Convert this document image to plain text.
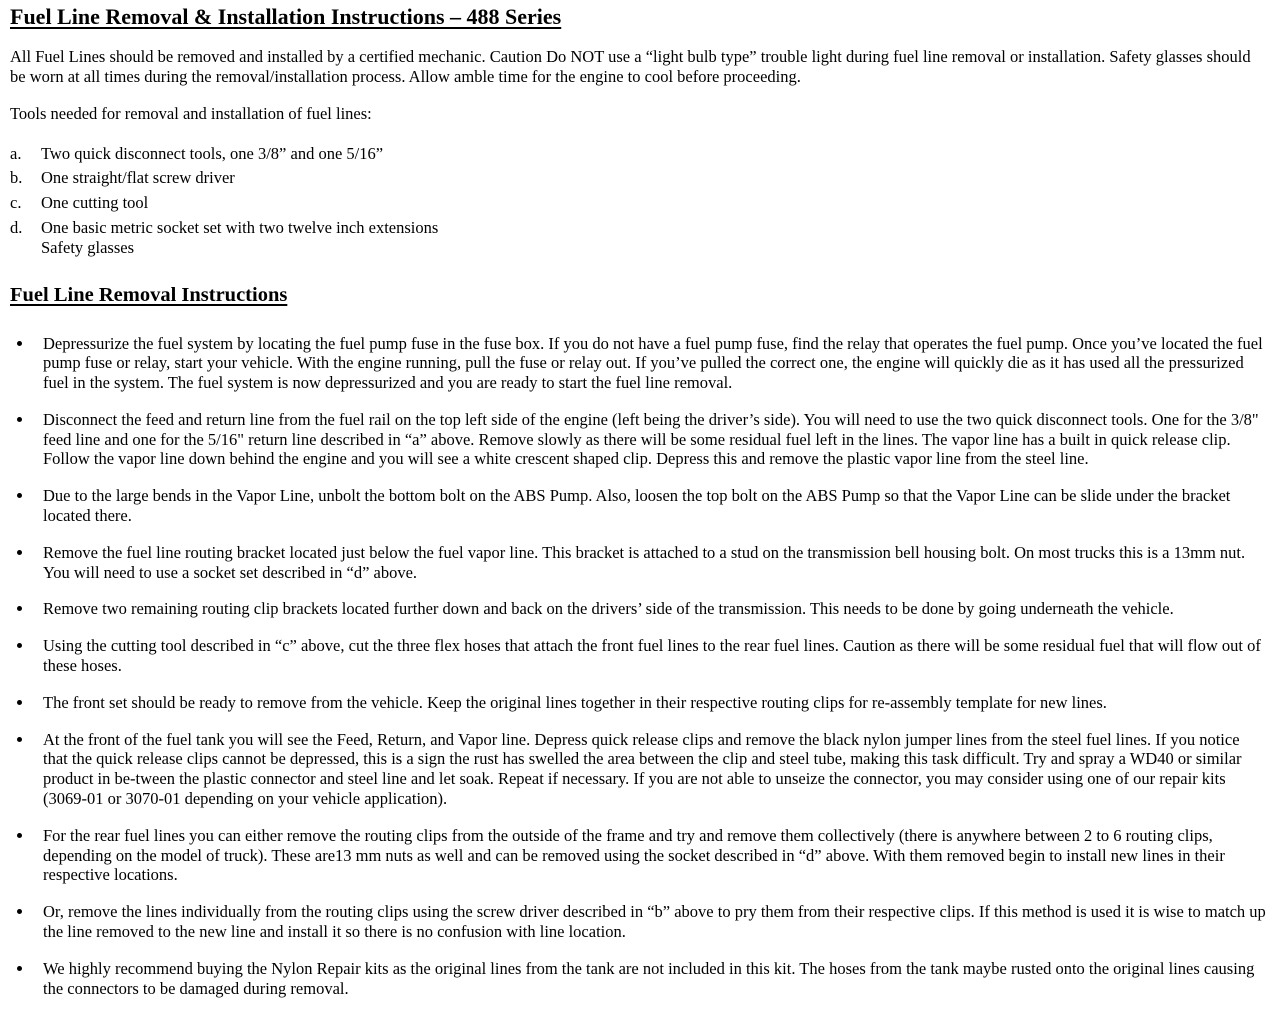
Fuel Line Removal & Installation Instructions – 488 Series

All Fuel Lines should be removed and installed by a certified mechanic. Caution Do NOT use a “light bulb type” trouble light during fuel line removal or installation. Safety glasses should be worn at all times during the removal/installation process. Allow amble time for the engine to cool before proceeding.

Tools needed for removal and installation of fuel lines:

a.	Two quick disconnect tools, one 3/8” and one 5/16”
b.	One straight/flat screw driver
c.	One cutting tool
d.	One basic metric socket set with two twelve inch extensions
Safety glasses
Fuel Line Removal Instructions
• Depressurize the fuel system by locating the fuel pump fuse in the fuse box. If you do not have a fuel pump fuse, find the relay that operates the fuel pump. Once you’ve located the fuel pump fuse or relay, start your vehicle. With the engine running, pull the fuse or relay out. If you’ve pulled the correct one, the engine will quickly die as it has used all the pressurized fuel in the system. The fuel system is now depressurized and you are ready to start the fuel line removal.
• Disconnect the feed and return line from the fuel rail on the top left side of the engine (left being the driver’s side). You will need to use the two quick disconnect tools. One for the 3/8" feed line and one for the 5/16" return line described in “a” above. Remove slowly as there will be some residual fuel left in the lines. The vapor line has a built in quick release clip. Follow the vapor line down behind the engine and you will see a white crescent shaped clip. Depress this and remove the plastic vapor line from the steel line.
• Due to the large bends in the Vapor Line, unbolt the bottom bolt on the ABS Pump. Also, loosen the top bolt on the ABS Pump so that the Vapor Line can be slide under the bracket located there.
• Remove the fuel line routing bracket located just below the fuel vapor line. This bracket is attached to a stud on the transmission bell housing bolt. On most trucks this is a 13mm nut. You will need to use a socket set described in “d” above.
• Remove two remaining routing clip brackets located further down and back on the drivers’ side of the transmission. This needs to be done by going underneath the vehicle.
• Using the cutting tool described in “c” above, cut the three flex hoses that attach the front fuel lines to the rear fuel lines. Caution as there will be some residual fuel that will flow out of these hoses.
• The front set should be ready to remove from the vehicle. Keep the original lines together in their respective routing clips for re-assembly template for new lines.
• At the front of the fuel tank you will see the Feed, Return, and Vapor line. Depress quick release clips and remove the black nylon jumper lines from the steel fuel lines. If you notice that the quick release clips cannot be depressed, this is a sign the rust has swelled the area between the clip and steel tube, making this task difficult. Try and spray a WD40 or similar product in be-tween the plastic connector and steel line and let soak. Repeat if necessary. If you are not able to unseize the connector, you may consider using one of our repair kits (3069-01 or 3070-01 depending on your vehicle application).
• For the rear fuel lines you can either remove the routing clips from the outside of the frame and try and remove them collectively (there is anywhere between 2 to 6 routing clips, depending on the model of truck). These are13 mm nuts as well and can be removed using the socket described in “d” above. With them removed begin to install new lines in their respective locations.
• Or, remove the lines individually from the routing clips using the screw driver described in “b” above to pry them from their respective clips. If this method is used it is wise to match up the line removed to the new line and install it so there is no confusion with line location.
• We highly recommend buying the Nylon Repair kits as the original lines from the tank are not included in this kit. The hoses from the tank maybe rusted onto the original lines causing the connectors to be damaged during removal.
